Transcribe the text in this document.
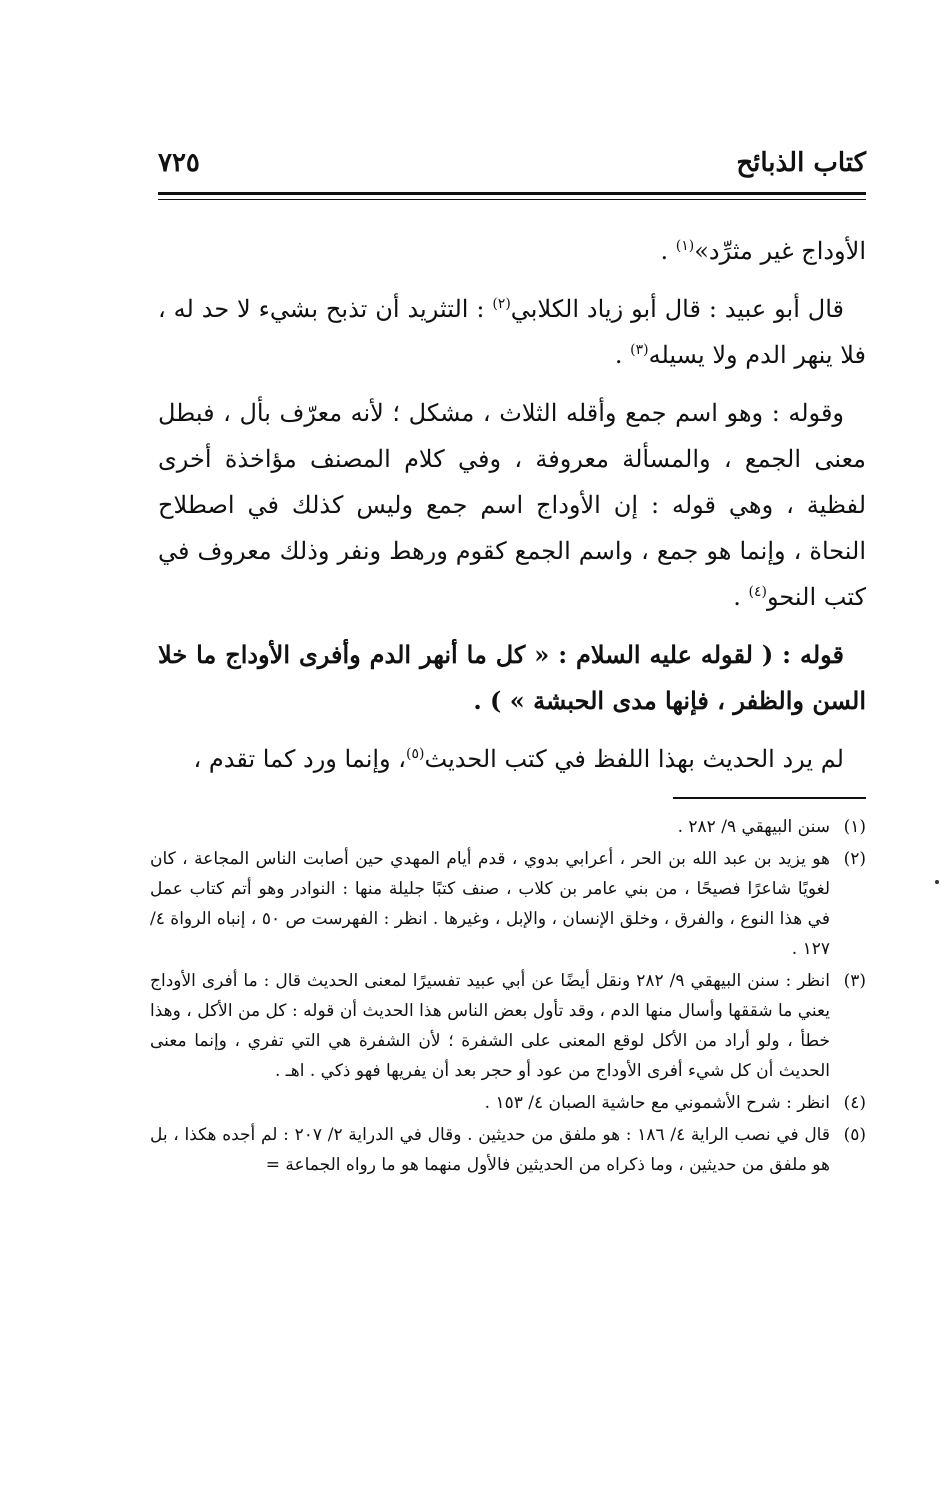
٧٢٥	كتاب الذبائح

الأوداج غير مثرِّد»$^{(١)}$ .

قال أبو عبيد : قال أبو زياد الكلابي$^{(٢)}$ : التثريد أن تذبح بشيء لا حد له ، فلا ينهر الدم ولا يسيله$^{(٣)}$ .

وقوله : وهو اسم جمع وأقله الثلاث ، مشكل ؛ لأنه معرّف بأل ، فبطل معنى الجمع ، والمسألة معروفة ، وفي كلام المصنف مؤاخذة أخرى لفظية ، وهي قوله : إن الأوداج اسم جمع وليس كذلك في اصطلاح النحاة ، وإنما هو جمع ، واسم الجمع كقوم ورهط ونفر وذلك معروف في كتب النحو$^{(٤)}$ .

قوله : ( لقوله عليه السلام : « كل ما أنهر الدم وأفرى الأوداج ما خلا السن والظفر ، فإنها مدى الحبشة » ) .

لم يرد الحديث بهذا اللفظ في كتب الحديث$^{(٥)}$، وإنما ورد كما تقدم ،

(١)
سنن البيهقي ٩/ ٢٨٢ .
(٢)
هو يزيد بن عبد الله بن الحر ، أعرابي بدوي ، قدم أيام المهدي حين أصابت الناس المجاعة ، كان لغويًا شاعرًا فصيحًا ، من بني عامر بن كلاب ، صنف كتبًا جليلة منها : النوادر وهو أتم كتاب عمل في هذا النوع ، والفرق ، وخلق الإنسان ، والإبل ، وغيرها . انظر : الفهرست ص ٥٠ ، إنباه الرواة ٤/ ١٢٧ .
(٣)
انظر : سنن البيهقي ٩/ ٢٨٢ ونقل أيضًا عن أبي عبيد تفسيرًا لمعنى الحديث قال : ما أفرى الأوداج يعني ما شققها وأسال منها الدم ، وقد تأول بعض الناس هذا الحديث أن قوله : كل من الأكل ، وهذا خطأ ، ولو أراد من الأكل لوقع المعنى على الشفرة ؛ لأن الشفرة هي التي تفري ، وإنما معنى الحديث أن كل شيء أفرى الأوداج من عود أو حجر بعد أن يفريها فهو ذكي . اهـ .
(٤)
انظر : شرح الأشموني مع حاشية الصبان ٤/ ١٥٣ .
(٥)
قال في نصب الراية ٤/ ١٨٦ : هو ملفق من حديثين . وقال في الدراية ٢/ ٢٠٧ : لم أجده هكذا ، بل هو ملفق من حديثين ، وما ذكراه من الحديثين فالأول منهما هو ما رواه الجماعة =
